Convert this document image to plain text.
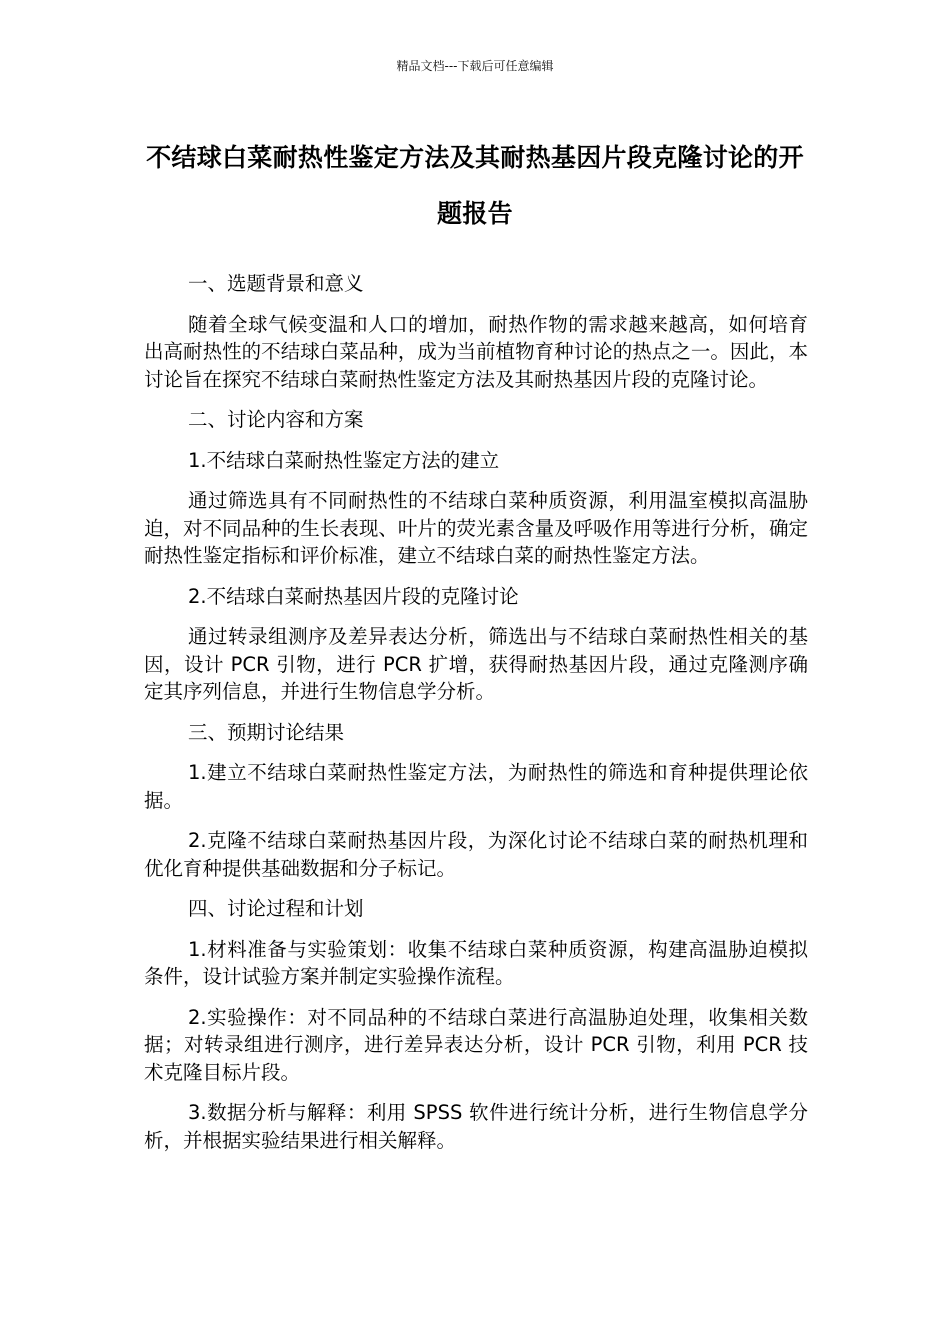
精品文档---下载后可任意编辑
不结球白菜耐热性鉴定方法及其耐热基因片段克隆讨论的开题报告

一、选题背景和意义

随着全球气候变温和人口的增加，耐热作物的需求越来越高，如何培育出高耐热性的不结球白菜品种，成为当前植物育种讨论的热点之一。因此，本讨论旨在探究不结球白菜耐热性鉴定方法及其耐热基因片段的克隆讨论。

二、讨论内容和方案

1.不结球白菜耐热性鉴定方法的建立

通过筛选具有不同耐热性的不结球白菜种质资源，利用温室模拟高温胁迫，对不同品种的生长表现、叶片的荧光素含量及呼吸作用等进行分析，确定耐热性鉴定指标和评价标准，建立不结球白菜的耐热性鉴定方法。

2.不结球白菜耐热基因片段的克隆讨论

通过转录组测序及差异表达分析，筛选出与不结球白菜耐热性相关的基因，设计 PCR 引物，进行 PCR 扩增，获得耐热基因片段，通过克隆测序确定其序列信息，并进行生物信息学分析。

三、预期讨论结果

1.建立不结球白菜耐热性鉴定方法，为耐热性的筛选和育种提供理论依据。

2.克隆不结球白菜耐热基因片段，为深化讨论不结球白菜的耐热机理和优化育种提供基础数据和分子标记。

四、讨论过程和计划

1.材料准备与实验策划：收集不结球白菜种质资源，构建高温胁迫模拟条件，设计试验方案并制定实验操作流程。

2.实验操作：对不同品种的不结球白菜进行高温胁迫处理，收集相关数据；对转录组进行测序，进行差异表达分析，设计 PCR 引物，利用 PCR 技术克隆目标片段。

3.数据分析与解释：利用 SPSS 软件进行统计分析，进行生物信息学分析，并根据实验结果进行相关解释。
